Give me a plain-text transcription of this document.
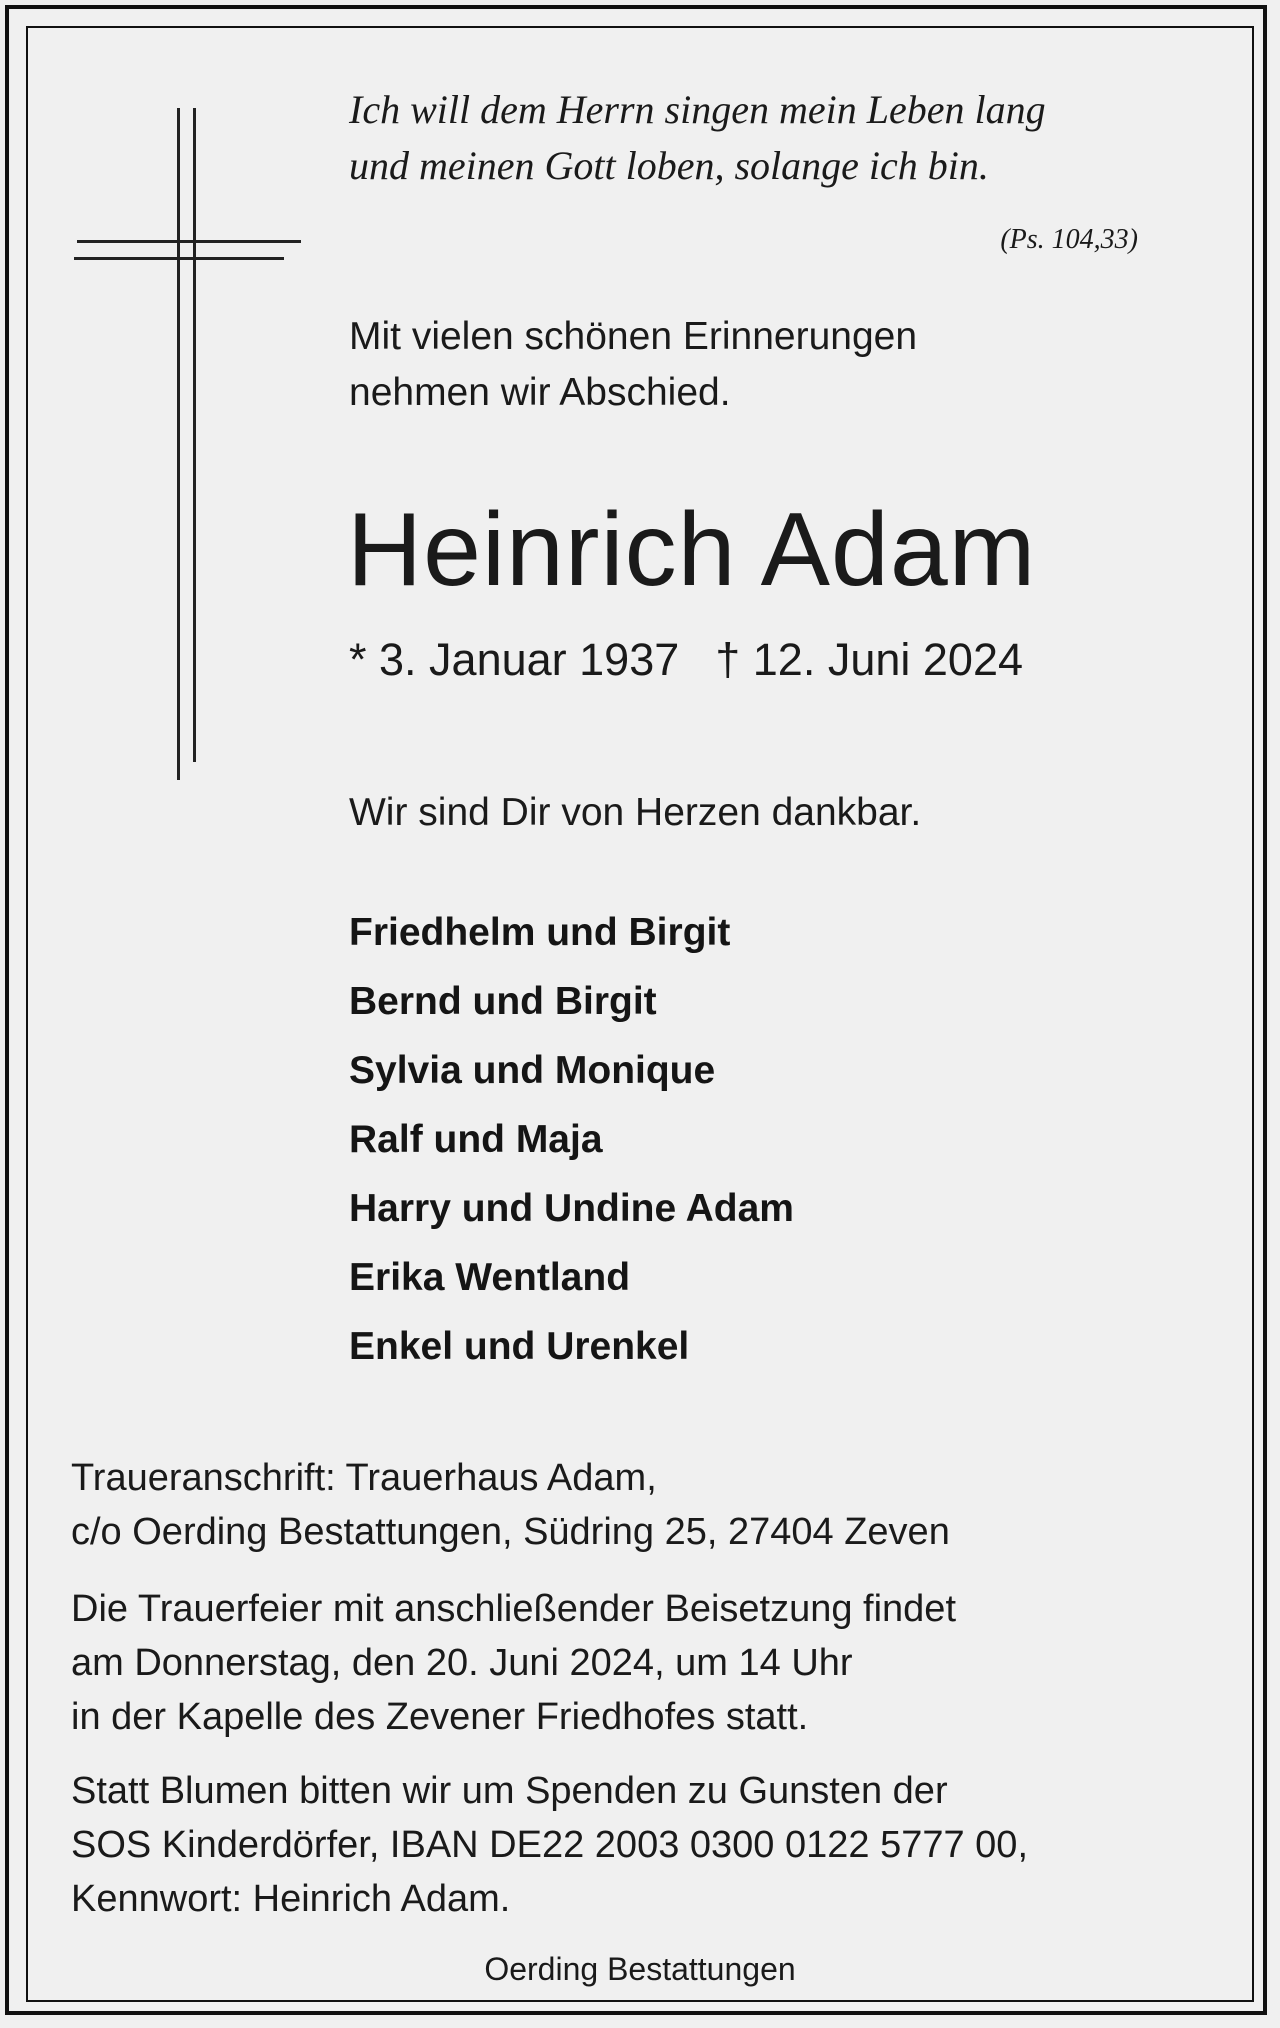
Ich will dem Herrn singen mein Leben lang
und meinen Gott loben, solange ich bin.

(Ps. 104,33)

Mit vielen schönen Erinnerungen
nehmen wir Abschied.

Heinrich Adam

* 3. Januar 1937 † 12. Juni 2024

Wir sind Dir von Herzen dankbar.

Friedhelm und Birgit
Bernd und Birgit
Sylvia und Monique
Ralf und Maja
Harry und Undine Adam
Erika Wentland
Enkel und Urenkel

Traueranschrift: Trauerhaus Adam,
c/o Oerding Bestattungen, Südring 25, 27404 Zeven

Die Trauerfeier mit anschließender Beisetzung findet
am Donnerstag, den 20. Juni 2024, um 14 Uhr
in der Kapelle des Zevener Friedhofes statt.

Statt Blumen bitten wir um Spenden zu Gunsten der
SOS Kinderdörfer, IBAN DE22 2003 0300 0122 5777 00,
Kennwort: Heinrich Adam.

Oerding Bestattungen
